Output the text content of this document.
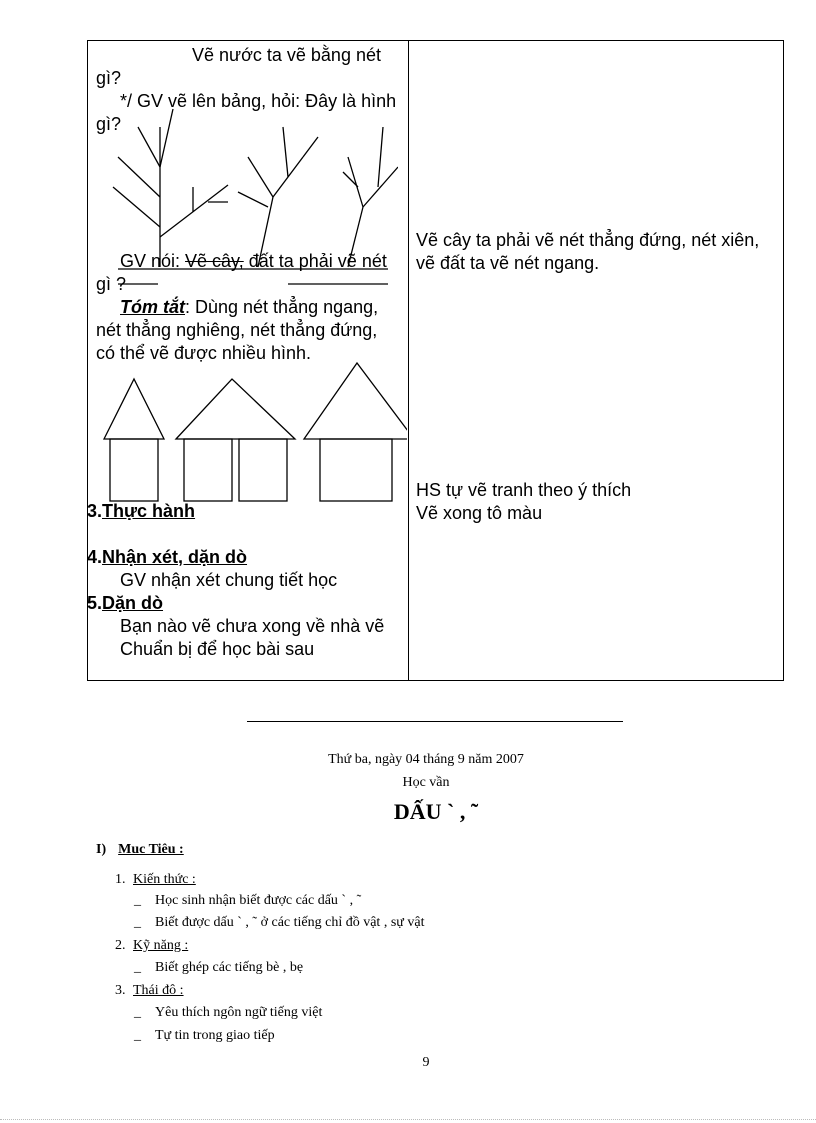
Vẽ nước ta vẽ bằng nét
gì?
*/ GV vẽ lên bảng, hỏi: Đây là hình
gì?
GV nói: Vẽ cây, đất ta phải vẽ nét
gì ?
Tóm tắt: Dùng nét thẳng ngang,
nét thẳng nghiêng, nét thẳng đứng,
có thể vẽ được nhiều hình.
3.Thực hành
4.Nhận xét, dặn dò
GV nhận xét chung tiết học
5.Dặn dò
Bạn nào vẽ chưa xong về nhà vẽ
Chuẩn bị để học bài sau
Vẽ cây ta phải vẽ nét thẳng đứng, nét xiên,
vẽ đất ta vẽ nét ngang.
HS tự vẽ tranh theo ý thích
Vẽ xong tô màu
Thứ ba, ngày 04 tháng 9 năm 2007
Học vần
DẤU ` , ˜
I) Muc Tiêu :
1. Kiến thức :
_ Học sinh nhận biết được các dấu ` , ˜
_ Biết được dấu ` , ˜ ở các tiếng chỉ đồ vật , sự vật
2. Kỹ năng :
_ Biết ghép các tiếng bè , bẹ
3. Thái đô :
_ Yêu thích ngôn ngữ tiếng việt
_ Tự tin trong giao tiếp
9
